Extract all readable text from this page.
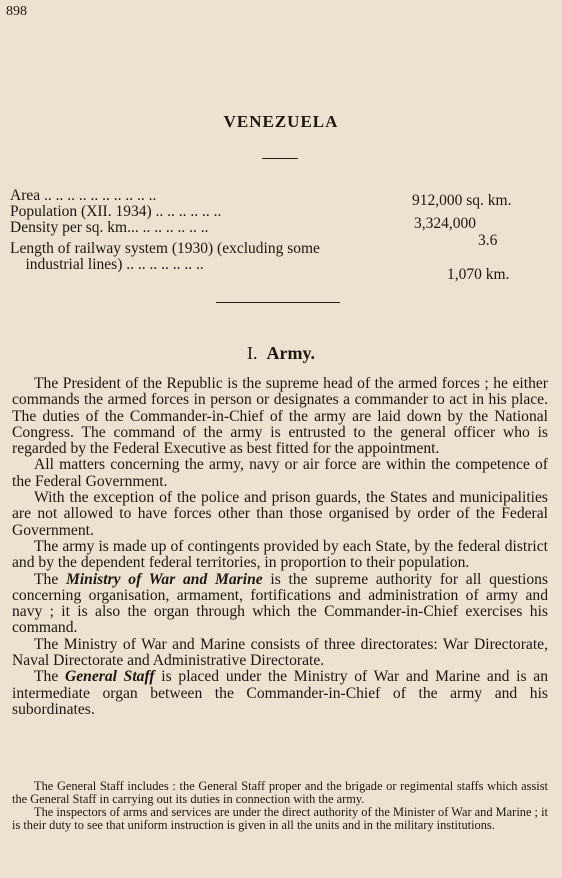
898
VENEZUELA
Area .. .. .. .. .. .. .. .. .. ..	912,000 sq. km.
Population (XII. 1934) .. .. .. .. .. ..
3,324,000
Density per sq. km... .. .. .. .. .. ..
3.6
Length of railway system (1930) (excluding some
industrial lines) .. .. .. .. .. .. ..
1,070 km.
I. Army.

The President of the Republic is the supreme head of the armed forces ; he either commands the armed forces in person or designates a commander to act in his place. The duties of the Commander-in-Chief of the army are laid down by the National Congress. The command of the army is entrusted to the general officer who is regarded by the Federal Executive as best fitted for the appointment.

All matters concerning the army, navy or air force are within the competence of the Federal Government.

With the exception of the police and prison guards, the States and municipalities are not allowed to have forces other than those organised by order of the Federal Government.

The army is made up of contingents provided by each State, by the federal district and by the dependent federal territories, in proportion to their population.

The Ministry of War and Marine is the supreme authority for all questions concerning organisation, armament, fortifications and administration of army and navy ; it is also the organ through which the Commander-in-Chief exercises his command.

The Ministry of War and Marine consists of three directorates: War Directorate, Naval Directorate and Administrative Directorate.

The General Staff is placed under the Ministry of War and Marine and is an intermediate organ between the Commander-in-Chief of the army and his subordinates.

The General Staff includes : the General Staff proper and the brigade or regimental staffs which assist the General Staff in carrying out its duties in connection with the army.

The inspectors of arms and services are under the direct authority of the Minister of War and Marine ; it is their duty to see that uniform instruction is given in all the units and in the military institutions.
